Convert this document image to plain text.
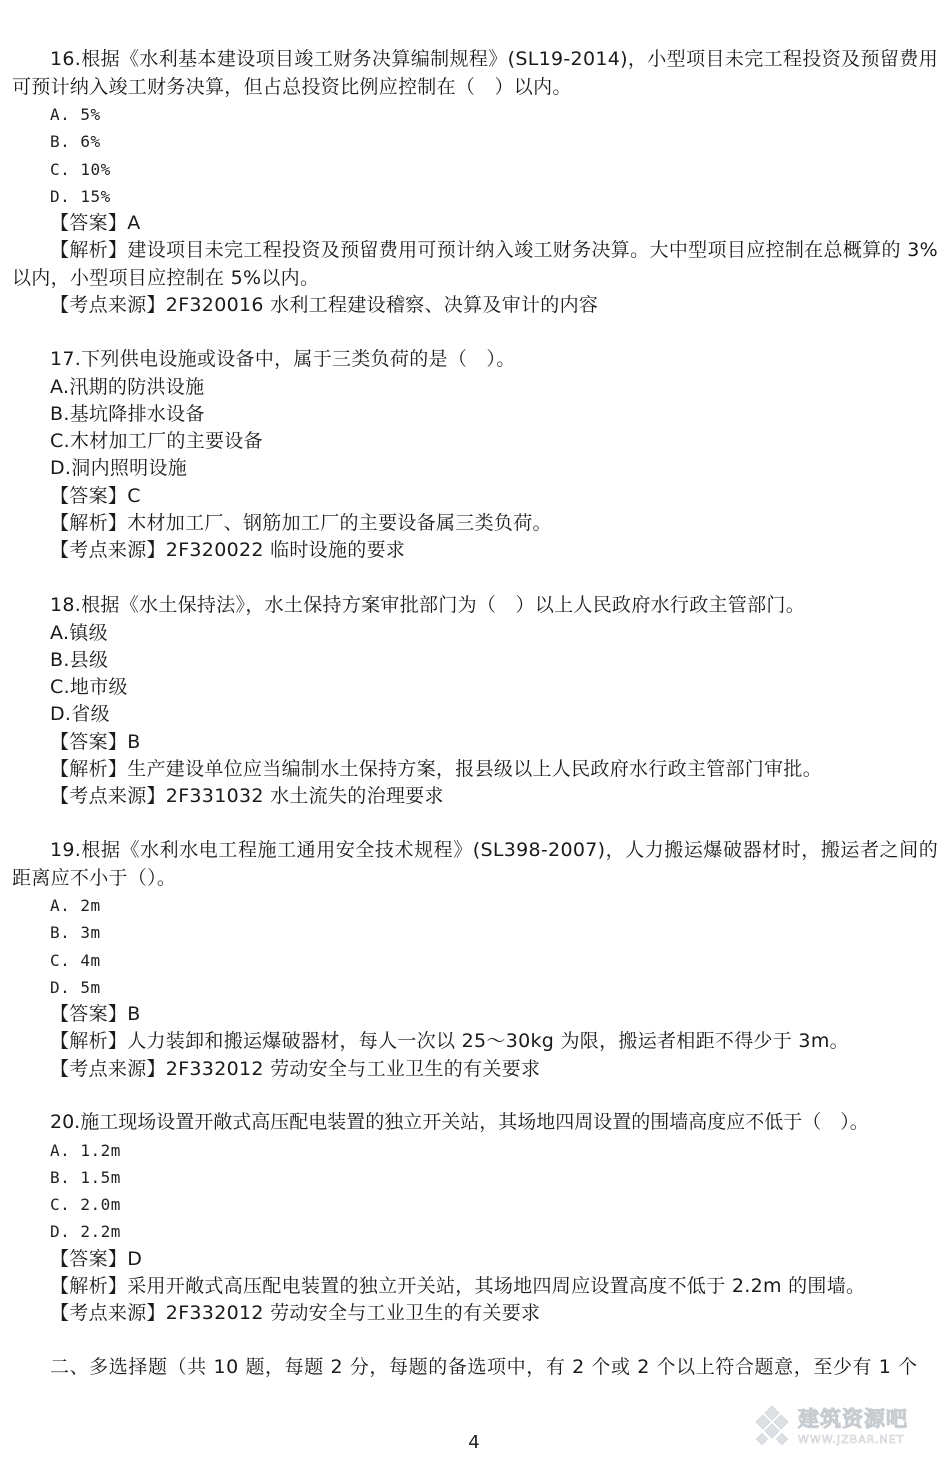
16.根据《水利基本建设项目竣工财务决算编制规程》(SL19-2014)，小型项目未完工程投资及预留费用可预计纳入竣工财务决算，但占总投资比例应控制在（　）以内。

A. 5%

B. 6%

C. 10%

D. 15%

【答案】A

【解析】建设项目未完工程投资及预留费用可预计纳入竣工财务决算。大中型项目应控制在总概算的 3%以内，小型项目应控制在 5%以内。

【考点来源】2F320016 水利工程建设稽察、决算及审计的内容

17.下列供电设施或设备中，属于三类负荷的是（　）。

A.汛期的防洪设施

B.基坑降排水设备

C.木材加工厂的主要设备

D.洞内照明设施

【答案】C

【解析】木材加工厂、钢筋加工厂的主要设备属三类负荷。

【考点来源】2F320022 临时设施的要求

18.根据《水土保持法》，水土保持方案审批部门为（　）以上人民政府水行政主管部门。

A.镇级

B.县级

C.地市级

D.省级

【答案】B

【解析】生产建设单位应当编制水土保持方案，报县级以上人民政府水行政主管部门审批。

【考点来源】2F331032 水土流失的治理要求

19.根据《水利水电工程施工通用安全技术规程》(SL398-2007)，人力搬运爆破器材时，搬运者之间的距离应不小于（）。

A. 2m

B. 3m

C. 4m

D. 5m

【答案】B

【解析】人力装卸和搬运爆破器材，每人一次以 25～30kg 为限，搬运者相距不得少于 3m。

【考点来源】2F332012 劳动安全与工业卫生的有关要求

20.施工现场设置开敞式高压配电装置的独立开关站，其场地四周设置的围墙高度应不低于（　）。

A. 1.2m

B. 1.5m

C. 2.0m

D. 2.2m

【答案】D

【解析】采用开敞式高压配电装置的独立开关站，其场地四周应设置高度不低于 2.2m 的围墙。

【考点来源】2F332012 劳动安全与工业卫生的有关要求

二、多选择题（共 10 题，每题 2 分，每题的备选项中，有 2 个或 2 个以上符合题意，至少有 1 个

4

建筑资源吧
WWW.JZBAR.NET
